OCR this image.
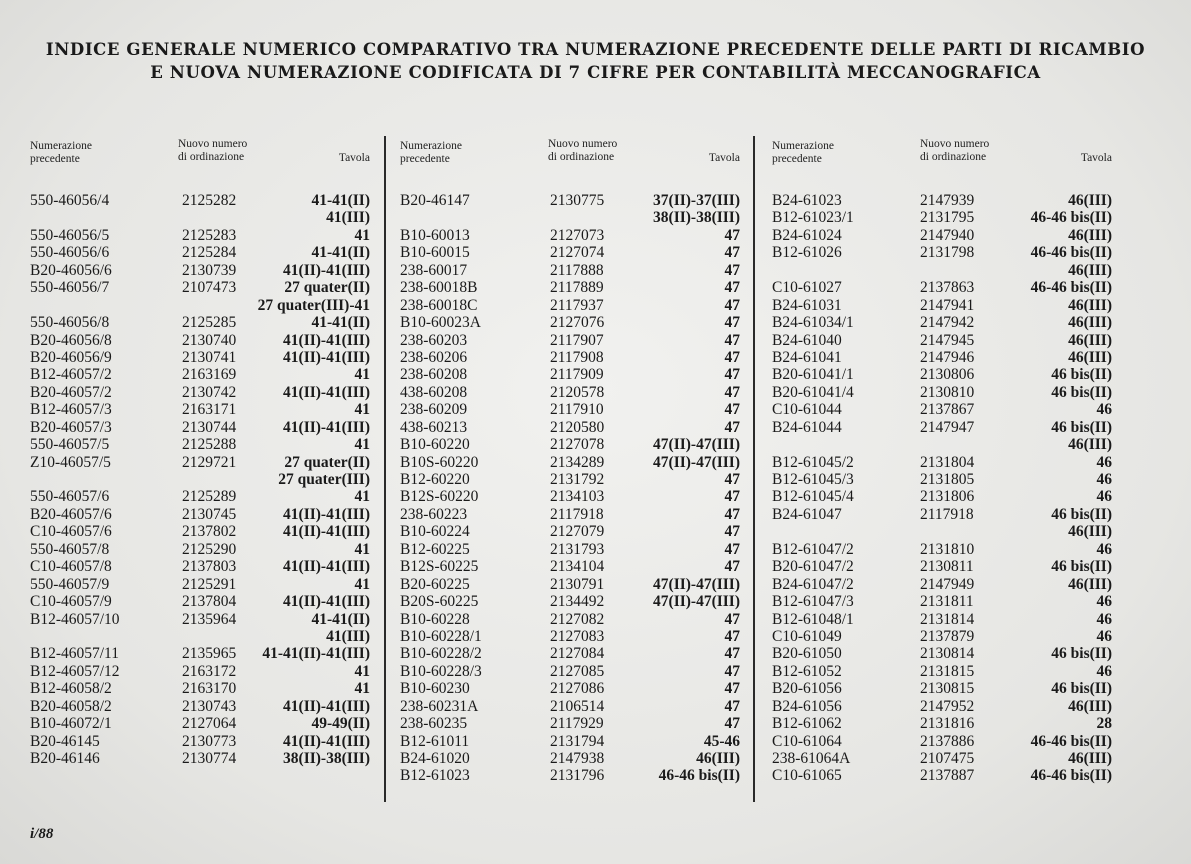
INDICE GENERALE NUMERICO COMPARATIVO TRA NUMERAZIONE PRECEDENTE DELLE PARTI DI RICAMBIO
E NUOVA NUMERAZIONE CODIFICATA DI 7 CIFRE PER CONTABILITÀ MECCANOGRAFICA
Numerazione
precedente
Nuovo numero
di ordinazione	Tavola
550-46056/4	2125282	41-41(II)
41(III)
550-46056/5	2125283	41
550-46056/6	2125284	41-41(II)
B20-46056/6	2130739	41(II)-41(III)
550-46056/7	2107473	27 quater(II)
27 quater(III)-41
550-46056/8	2125285	41-41(II)
B20-46056/8	2130740	41(II)-41(III)
B20-46056/9	2130741	41(II)-41(III)
B12-46057/2	2163169	41
B20-46057/2	2130742	41(II)-41(III)
B12-46057/3	2163171	41
B20-46057/3	2130744	41(II)-41(III)
550-46057/5	2125288	41
Z10-46057/5	2129721	27 quater(II)
27 quater(III)
550-46057/6	2125289	41
B20-46057/6	2130745	41(II)-41(III)
C10-46057/6	2137802	41(II)-41(III)
550-46057/8	2125290	41
C10-46057/8	2137803	41(II)-41(III)
550-46057/9	2125291	41
C10-46057/9	2137804	41(II)-41(III)
B12-46057/10	2135964	41-41(II)
41(III)
B12-46057/11	2135965 41-41(II)-41(III)
B12-46057/12	2163172	41
B12-46058/2	2163170	41
B20-46058/2	2130743	41(II)-41(III)
B10-46072/1	2127064	49-49(II)
B20-46145	2130773	41(II)-41(III)
B20-46146	2130774	38(II)-38(III)
Numerazione
precedente
Nuovo numero
di ordinazione	Tavola
B20-46147	2130775	37(II)-37(III)
38(II)-38(III)
B10-60013	2127073	47
B10-60015	2127074	47
238-60017	2117888	47
238-60018B	2117889	47
238-60018C	2117937	47
B10-60023A	2127076	47
238-60203	2117907	47
238-60206	2117908	47
238-60208	2117909	47
438-60208	2120578	47
238-60209	2117910	47
438-60213	2120580	47
B10-60220	2127078	47(II)-47(III)
B10S-60220	2134289	47(II)-47(III)
B12-60220	2131792	47
B12S-60220	2134103	47
238-60223	2117918	47
B10-60224	2127079	47
B12-60225	2131793	47
B12S-60225	2134104	47
B20-60225	2130791	47(II)-47(III)
B20S-60225	2134492	47(II)-47(III)
B10-60228	2127082	47
B10-60228/1	2127083	47
B10-60228/2	2127084	47
B10-60228/3	2127085	47
B10-60230	2127086	47
238-60231A	2106514	47
238-60235	2117929	47
B12-61011	2131794	45-46
B24-61020	2147938	46(III)
B12-61023	2131796	46-46 bis(II)
Numerazione
precedente
Nuovo numero
di ordinazione	Tavola
B24-61023	2147939	46(III)
B12-61023/1	2131795	46-46 bis(II)
B24-61024	2147940	46(III)
B12-61026	2131798	46-46 bis(II)
46(III)
C10-61027	2137863	46-46 bis(II)
B24-61031	2147941	46(III)
B24-61034/1	2147942	46(III)
B24-61040	2147945	46(III)
B24-61041	2147946	46(III)
B20-61041/1	2130806	46 bis(II)
B20-61041/4	2130810	46 bis(II)
C10-61044	2137867	46
B24-61044	2147947	46 bis(II)
46(III)
B12-61045/2	2131804	46
B12-61045/3	2131805	46
B12-61045/4	2131806	46
B24-61047	2117918	46 bis(II)
46(III)
B12-61047/2	2131810	46
B20-61047/2	2130811	46 bis(II)
B24-61047/2	2147949	46(III)
B12-61047/3	2131811	46
B12-61048/1	2131814	46
C10-61049	2137879	46
B20-61050	2130814	46 bis(II)
B12-61052	2131815	46
B20-61056	2130815	46 bis(II)
B24-61056	2147952	46(III)
B12-61062	2131816	28
C10-61064	2137886	46-46 bis(II)
238-61064A	2107475	46(III)
C10-61065	2137887	46-46 bis(II)
i/88
